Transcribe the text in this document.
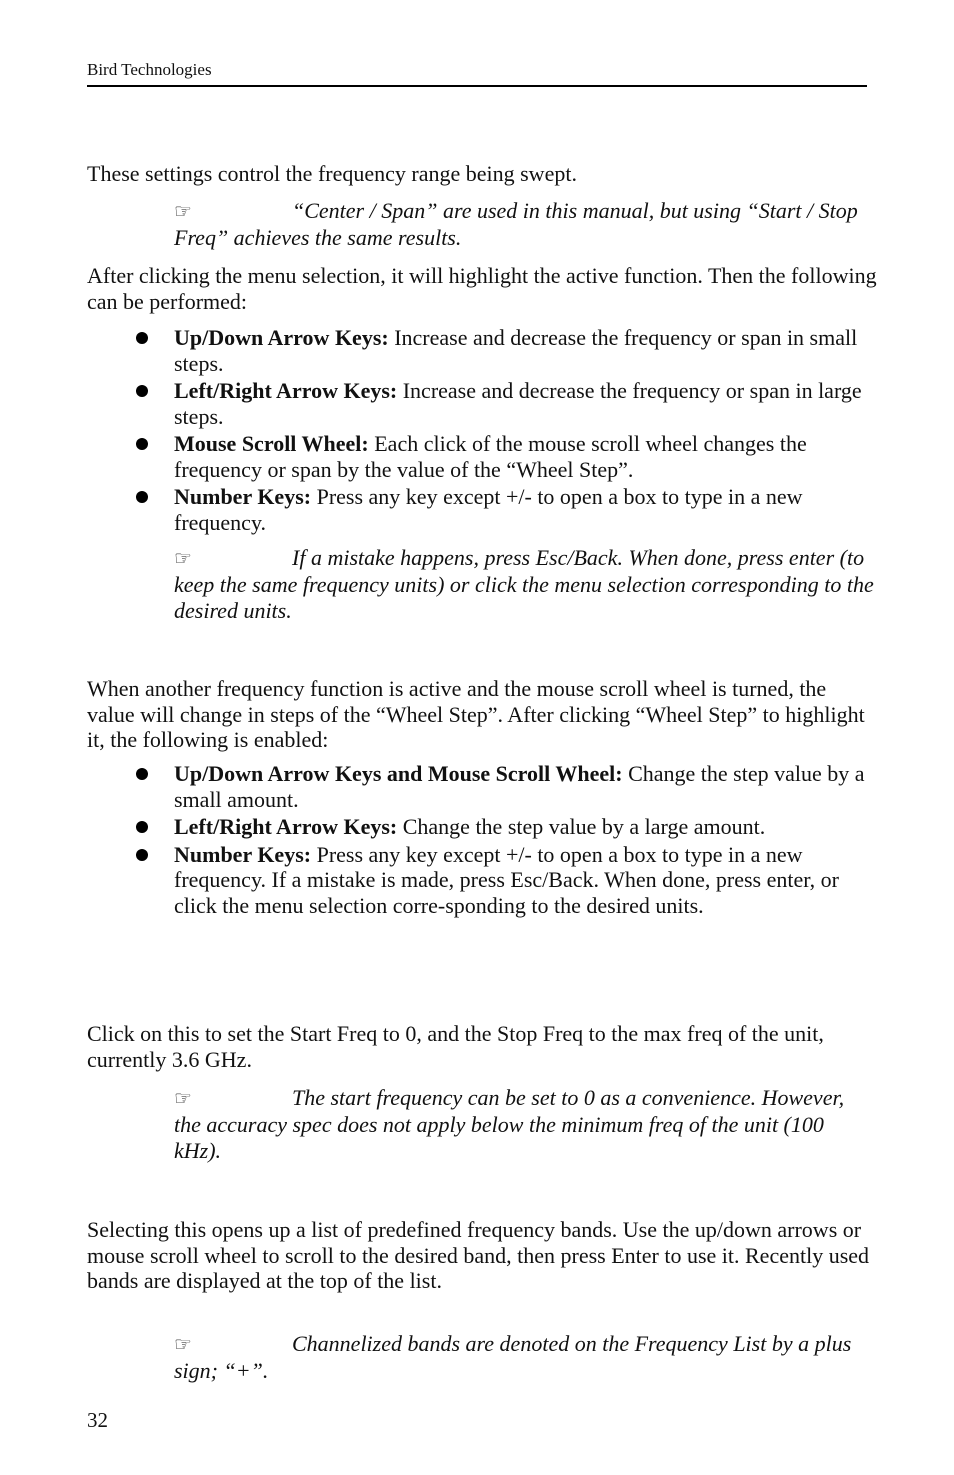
Bird Technologies

These settings control the frequency range being swept.

☞	“Center / Span” are used in this manual, but using “Start / Stop Freq” achieves the same results.

After clicking the menu selection, it will highlight the active function. Then the following can be performed:

Up/Down Arrow Keys: Increase and decrease the frequency or span in small steps.
Left/Right Arrow Keys: Increase and decrease the frequency or span in large steps.
Mouse Scroll Wheel: Each click of the mouse scroll wheel changes the frequency or span by the value of the “Wheel Step”.
Number Keys: Press any key except +/- to open a box to type in a new frequency.

☞	If a mistake happens, press Esc/Back. When done, press enter (to keep the same frequency units) or click the menu selection corresponding to the desired units.

When another frequency function is active and the mouse scroll wheel is turned, the value will change in steps of the “Wheel Step”. After clicking “Wheel Step” to highlight it, the following is enabled:

Up/Down Arrow Keys and Mouse Scroll Wheel: Change the step value by a small amount.
Left/Right Arrow Keys: Change the step value by a large amount.
Number Keys: Press any key except +/- to open a box to type in a new frequency. If a mistake is made, press Esc/Back. When done, press enter, or click the menu selection corre-sponding to the desired units.

Click on this to set the Start Freq to 0, and the Stop Freq to the max freq of the unit, currently 3.6 GHz.

☞	The start frequency can be set to 0 as a convenience. However, the accuracy spec does not apply below the minimum freq of the unit (100 kHz).

Selecting this opens up a list of predefined frequency bands. Use the up/down arrows or mouse scroll wheel to scroll to the desired band, then press Enter to use it. Recently used bands are displayed at the top of the list.

☞	Channelized bands are denoted on the Frequency List by a plus sign; “+”.

32
